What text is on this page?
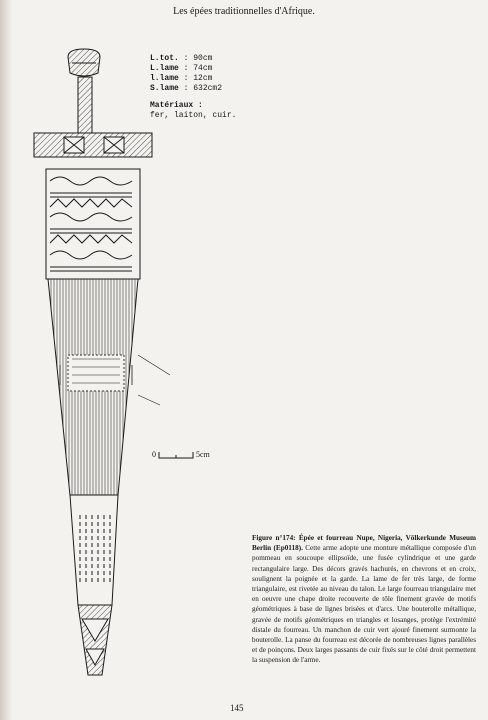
Les épées traditionnelles d'Afrique.
L.tot. : 90cm
L.lame : 74cm
l.lame : 12cm
S.lame : 632cm2
Matériaux :
fer, laiton, cuir.
0	5cm
Figure n°174: Épée et fourreau Nupe, Nigeria, Völkerkunde Museum Berlin (Ep0118). Cette arme adopte une monture métallique composée d'un pommeau en soucoupe ellipsoïde, une fusée cylindrique et une garde rectangulaire large. Des décors gravés hachurés, en chevrons et en croix, soulignent la poignée et la garde. La lame de fer très large, de forme triangulaire, est rivetée au niveau du talon. Le large fourreau triangulaire met en oeuvre une chape droite recouverte de tôle finement gravée de motifs géométriques à base de lignes brisées et d'arcs. Une bouterolle métallique, gravée de motifs géométriques en triangles et losanges, protège l'extrémité distale du fourreau. Un manchon de cuir vert ajouré finement surmonte la bouterolle. La panse du fourreau est décorée de nombreuses lignes parallèles et de poinçons. Deux larges passants de cuir fixés sur le côté droit permettent la suspension de l'arme.
145
